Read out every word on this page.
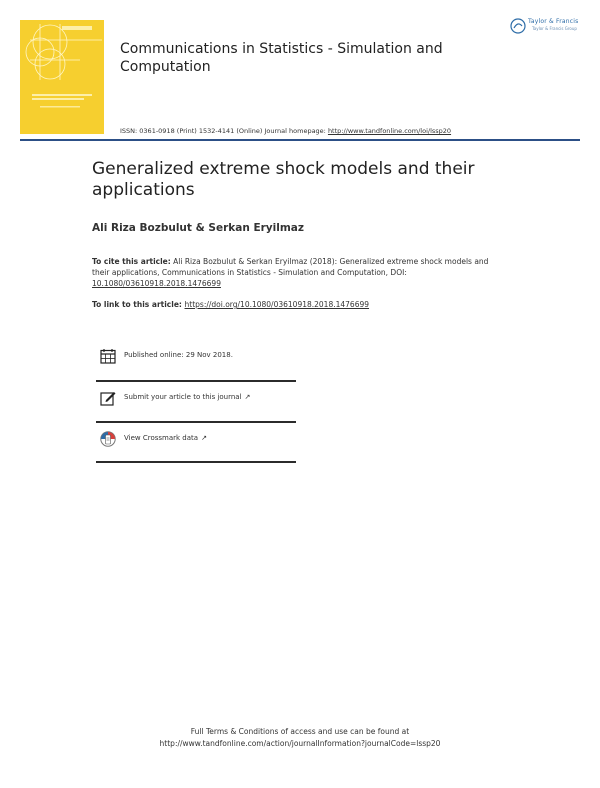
Communications in Statistics - Simulation and Computation
Taylor & Francis
Taylor & Francis Group
ISSN: 0361-0918 (Print) 1532-4141 (Online) Journal homepage: http://www.tandfonline.com/loi/lssp20
Generalized extreme shock models and their applications
Ali Riza Bozbulut & Serkan Eryilmaz
To cite this article: Ali Riza Bozbulut & Serkan Eryilmaz (2018): Generalized extreme shock models and their applications, Communications in Statistics - Simulation and Computation, DOI: 10.1080/03610918.2018.1476699
To link to this article: https://doi.org/10.1080/03610918.2018.1476699
Published online: 29 Nov 2018.
Submit your article to this journal ↗
View Crossmark data ↗
Full Terms & Conditions of access and use can be found at
http://www.tandfonline.com/action/journalInformation?journalCode=lssp20
